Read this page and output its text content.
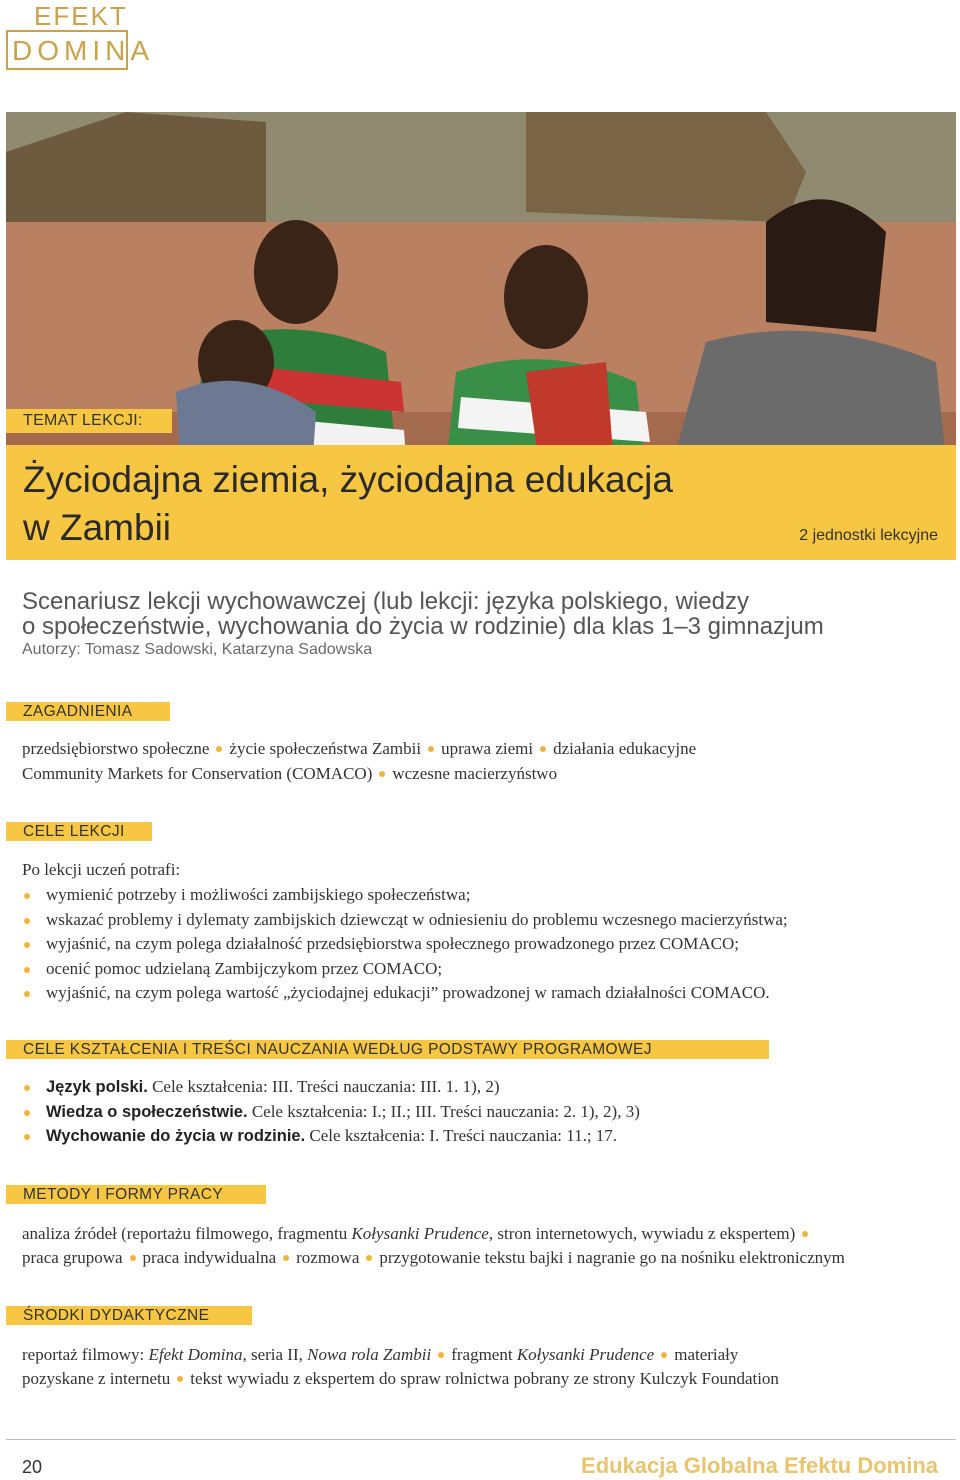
EFEKT
DOMINA
TEMAT LEKCJI:
Życiodajna ziemia, życiodajna edukacja
w Zambii	2 jednostki lekcyjne
Scenariusz lekcji wychowawczej (lub lekcji: języka polskiego, wiedzy
o społeczeństwie, wychowania do życia w rodzinie) dla klas 1–3 gimnazjum
Autorzy: Tomasz Sadowski, Katarzyna Sadowska
ZAGADNIENIA
przedsiębiorstwo społeczne życie społeczeństwa Zambii uprawa ziemi działania edukacyjne
Community Markets for Conservation (COMACO) wczesne macierzyństwo
CELE LEKCJI
Po lekcji uczeń potrafi:
wymienić potrzeby i możliwości zambijskiego społeczeństwa;
wskazać problemy i dylematy zambijskich dziewcząt w odniesieniu do problemu wczesnego macierzyństwa;
wyjaśnić, na czym polega działalność przedsiębiorstwa społecznego prowadzonego przez COMACO;
ocenić pomoc udzielaną Zambijczykom przez COMACO;
wyjaśnić, na czym polega wartość „życiodajnej edukacji” prowadzonej w ramach działalności COMACO.
CELE KSZTAŁCENIA I TREŚCI NAUCZANIA WEDŁUG PODSTAWY PROGRAMOWEJ
Język polski. Cele kształcenia: III. Treści nauczania: III. 1. 1), 2)
Wiedza o społeczeństwie. Cele kształcenia: I.; II.; III. Treści nauczania: 2. 1), 2), 3)
Wychowanie do życia w rodzinie. Cele kształcenia: I. Treści nauczania: 11.; 17.
METODY I FORMY PRACY
analiza źródeł (reportażu filmowego, fragmentu Kołysanki Prudence, stron internetowych, wywiadu z ekspertem)
praca grupowa praca indywidualna rozmowa przygotowanie tekstu bajki i nagranie go na nośniku elektronicznym
ŚRODKI DYDAKTYCZNE
reportaż filmowy: Efekt Domina, seria II, Nowa rola Zambii fragment Kołysanki Prudence materiały
pozyskane z internetu tekst wywiadu z ekspertem do spraw rolnictwa pobrany ze strony Kulczyk Foundation
20	Edukacja Globalna Efektu Domina
